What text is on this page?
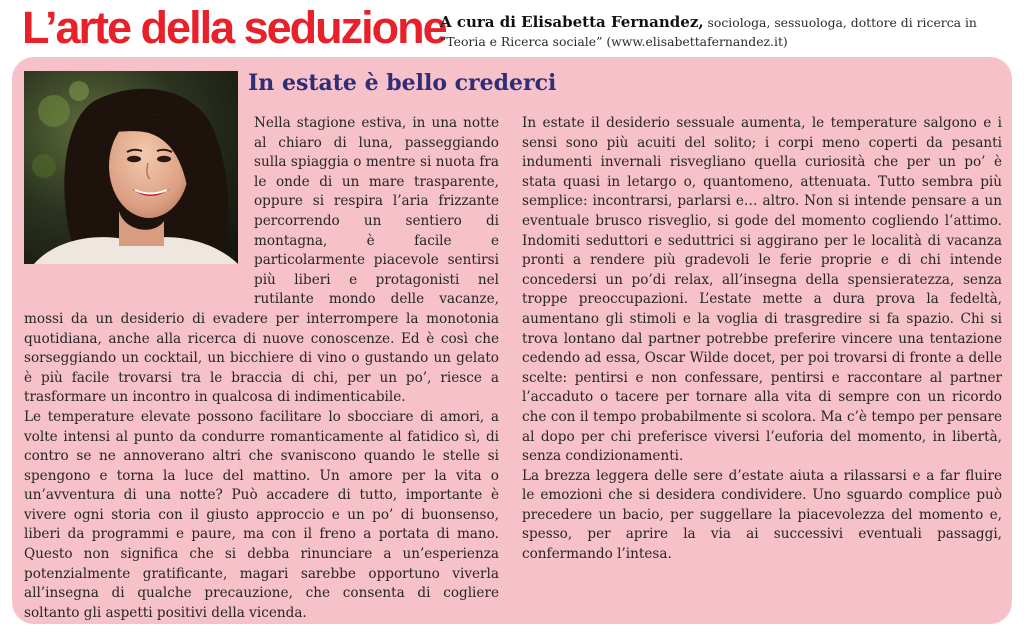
L’arte della seduzione
A cura di Elisabetta Fernandez, sociologa, sessuologa, dottore di ricerca in “Teoria e Ricerca sociale” (www.elisabettafernandez.it)
In estate è bello crederci

Nella stagione estiva, in una notte al chiaro di luna, passeggiando sulla spiaggia o mentre si nuota fra le onde di un mare trasparente, oppure si respira l’aria frizzante percorrendo un sentiero di montagna, è facile e particolarmente piacevole sentirsi più liberi e protagonisti nel rutilante mondo delle vacanze, mossi da un desiderio di evadere per interrompere la monotonia quotidiana, anche alla ricerca di nuove conoscenze. Ed è così che sorseggiando un cocktail, un bicchiere di vino o gustando un gelato è più facile trovarsi tra le braccia di chi, per un po’, riesce a trasformare un incontro in qualcosa di indimenticabile.

Le temperature elevate possono facilitare lo sbocciare di amori, a volte intensi al punto da condurre romanticamente al fatidico sì, di contro se ne annoverano altri che svaniscono quando le stelle si spengono e torna la luce del mattino. Un amore per la vita o un’avventura di una notte? Può accadere di tutto, importante è vivere ogni storia con il giusto approccio e un po’ di buonsenso, liberi da programmi e paure, ma con il freno a portata di mano. Questo non significa che si debba rinunciare a un’esperienza potenzialmente gratificante, magari sarebbe opportuno viverla all’insegna di qualche precauzione, che consenta di cogliere soltanto gli aspetti positivi della vicenda.

In estate il desiderio sessuale aumenta, le temperature salgono e i sensi sono più acuiti del solito; i corpi meno coperti da pesanti indumenti invernali risvegliano quella curiosità che per un po’ è stata quasi in letargo o, quantomeno, attenuata. Tutto sembra più semplice: incontrarsi, parlarsi e… altro. Non si intende pensare a un eventuale brusco risveglio, si gode del momento cogliendo l’attimo. Indomiti seduttori e seduttrici si aggirano per le località di vacanza pronti a rendere più gradevoli le ferie proprie e di chi intende concedersi un po’di relax, all’insegna della spensieratezza, senza troppe preoccupazioni. L’estate mette a dura prova la fedeltà, aumentano gli stimoli e la voglia di trasgredire si fa spazio. Chi si trova lontano dal partner potrebbe preferire vincere una tentazione cedendo ad essa, Oscar Wilde docet, per poi trovarsi di fronte a delle scelte: pentirsi e non confessare, pentirsi e raccontare al partner l’accaduto o tacere per tornare alla vita di sempre con un ricordo che con il tempo probabilmente si scolora. Ma c’è tempo per pensare al dopo per chi preferisce viversi l’euforia del momento, in libertà, senza condizionamenti.

La brezza leggera delle sere d’estate aiuta a rilassarsi e a far fluire le emozioni che si desidera condividere. Uno sguardo complice può precedere un bacio, per suggellare la piacevolezza del momento e, spesso, per aprire la via ai successivi eventuali passaggi, confermando l’intesa.
